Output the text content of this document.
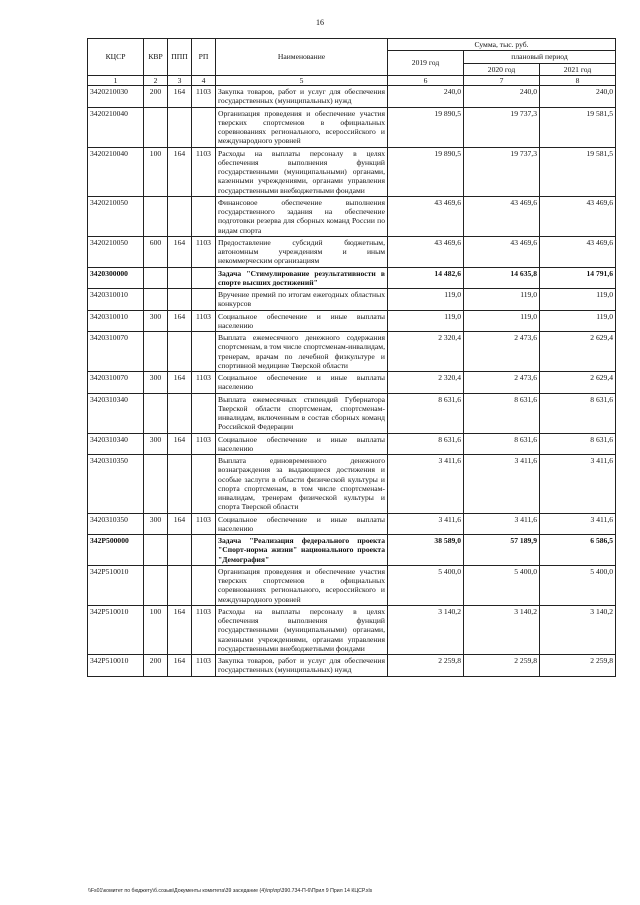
16
КЦСР	КВР	ППП	РП	Наименование	Сумма, тыс. руб.		
					2019 год	плановый период	
						2020 год	2021 год
1	2	3	4	5	6	7	8
3420210030	200	164	1103	Закупка товаров, работ и услуг для обеспечения государственных (муниципальных) нужд	240,0	240,0	240,0
3420210040				Организация проведения и обеспечение участия тверских спортсменов в официальных соревнованиях регионального, всероссийского и международного уровней	19 890,5	19 737,3	19 581,5
3420210040	100	164	1103	Расходы на выплаты персоналу в целях обеспечения выполнения функций государственными (муниципальными) органами, казенными учреждениями, органами управления государственными внебюджетными фондами	19 890,5	19 737,3	19 581,5
3420210050				Финансовое обеспечение выполнения государственного задания на обеспечение подготовки резерва для сборных команд России по видам спорта	43 469,6	43 469,6	43 469,6
3420210050	600	164	1103	Предоставление субсидий бюджетным, автономным учреждениям и иным некоммерческим организациям	43 469,6	43 469,6	43 469,6
3420300000				Задача "Стимулирование результативности в спорте высших достижений"	14 482,6	14 635,8	14 791,6
3420310010				Вручение премий по итогам ежегодных областных конкурсов	119,0	119,0	119,0
3420310010	300	164	1103	Социальное обеспечение и иные выплаты населению	119,0	119,0	119,0
3420310070				Выплата ежемесячного денежного содержания спортсменам, в том числе спортсменам-инвалидам, тренерам, врачам по лечебной физкультуре и спортивной медицине Тверской области	2 320,4	2 473,6	2 629,4
3420310070	300	164	1103	Социальное обеспечение и иные выплаты населению	2 320,4	2 473,6	2 629,4
3420310340				Выплата ежемесячных стипендий Губернатора Тверской области спортсменам, спортсменам-инвалидам, включенным в состав сборных команд Российской Федерации	8 631,6	8 631,6	8 631,6
3420310340	300	164	1103	Социальное обеспечение и иные выплаты населению	8 631,6	8 631,6	8 631,6
3420310350				Выплата единовременного денежного вознаграждения за выдающиеся достижения и особые заслуги в области физической культуры и спорта спортсменам, в том числе спортсменам-инвалидам, тренерам физической культуры и спорта Тверской области	3 411,6	3 411,6	3 411,6
3420310350	300	164	1103	Социальное обеспечение и иные выплаты населению	3 411,6	3 411,6	3 411,6
342P500000				Задача "Реализация федерального проекта "Спорт-норма жизни" национального проекта "Демография"	38 589,0	57 189,9	6 586,5
342P510010				Организация проведения и обеспечение участия тверских спортсменов в официальных соревнованиях регионального, всероссийского и международного уровней	5 400,0	5 400,0	5 400,0
342P510010	100	164	1103	Расходы на выплаты персоналу в целях обеспечения выполнения функций государственными (муниципальными) органами, казенными учреждениями, органами управления государственными внебюджетными фондами	3 140,2	3 140,2	3 140,2
342P510010	200	164	1103	Закупка товаров, работ и услуг для обеспечения государственных (муниципальных) нужд	2 259,8	2 259,8	2 259,8
\\Fs01\комитет по бюджету\б.созыв\Документы комитета\39 заседание (4)\пр\пр\390.734-П-6\Прил 9 Прил 14 КЦСР.xls
